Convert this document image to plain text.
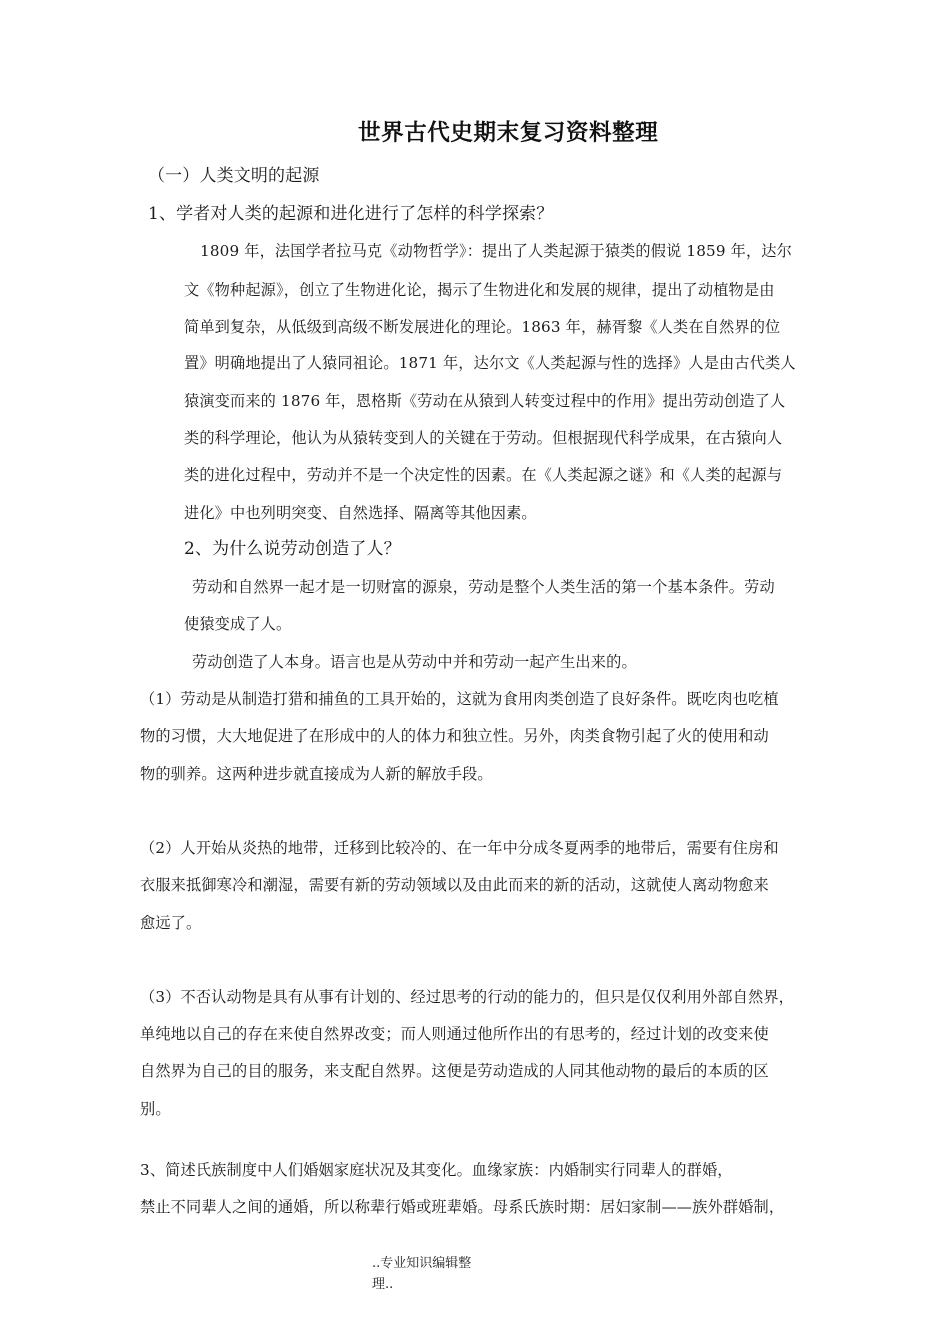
世界古代史期末复习资料整理
（一）人类文明的起源
1、学者对人类的起源和进化进行了怎样的科学探索？
1809 年，法国学者拉马克《动物哲学》：提出了人类起源于猿类的假说 1859 年，达尔
文《物种起源》，创立了生物进化论，揭示了生物进化和发展的规律，提出了动植物是由
简单到复杂，从低级到高级不断发展进化的理论。1863 年，赫胥黎《人类在自然界的位
置》明确地提出了人猿同祖论。1871 年，达尔文《人类起源与性的选择》人是由古代类人
猿演变而来的 1876 年，恩格斯《劳动在从猿到人转变过程中的作用》提出劳动创造了人
类的科学理论，他认为从猿转变到人的关键在于劳动。但根据现代科学成果，在古猿向人
类的进化过程中，劳动并不是一个决定性的因素。在《人类起源之谜》和《人类的起源与
进化》中也列明突变、自然选择、隔离等其他因素。
2、为什么说劳动创造了人？
劳动和自然界一起才是一切财富的源泉，劳动是整个人类生活的第一个基本条件。劳动
使猿变成了人。
劳动创造了人本身。语言也是从劳动中并和劳动一起产生出来的。
（1）劳动是从制造打猎和捕鱼的工具开始的，这就为食用肉类创造了良好条件。既吃肉也吃植
物的习惯，大大地促进了在形成中的人的体力和独立性。另外，肉类食物引起了火的使用和动
物的驯养。这两种进步就直接成为人新的解放手段。
（2）人开始从炎热的地带，迁移到比较冷的、在一年中分成冬夏两季的地带后，需要有住房和
衣服来抵御寒冷和潮湿，需要有新的劳动领域以及由此而来的新的活动，这就使人离动物愈来
愈远了。
（3）不否认动物是具有从事有计划的、经过思考的行动的能力的，但只是仅仅利用外部自然界，
单纯地以自己的存在来使自然界改变；而人则通过他所作出的有思考的，经过计划的改变来使
自然界为自己的目的服务，来支配自然界。这便是劳动造成的人同其他动物的最后的本质的区
别。
3、简述氏族制度中人们婚姻家庭状况及其变化。血缘家族：内婚制实行同辈人的群婚，
禁止不同辈人之间的通婚，所以称辈行婚或班辈婚。母系氏族时期：居妇家制——族外群婚制，
..专业知识编辑整
理..
